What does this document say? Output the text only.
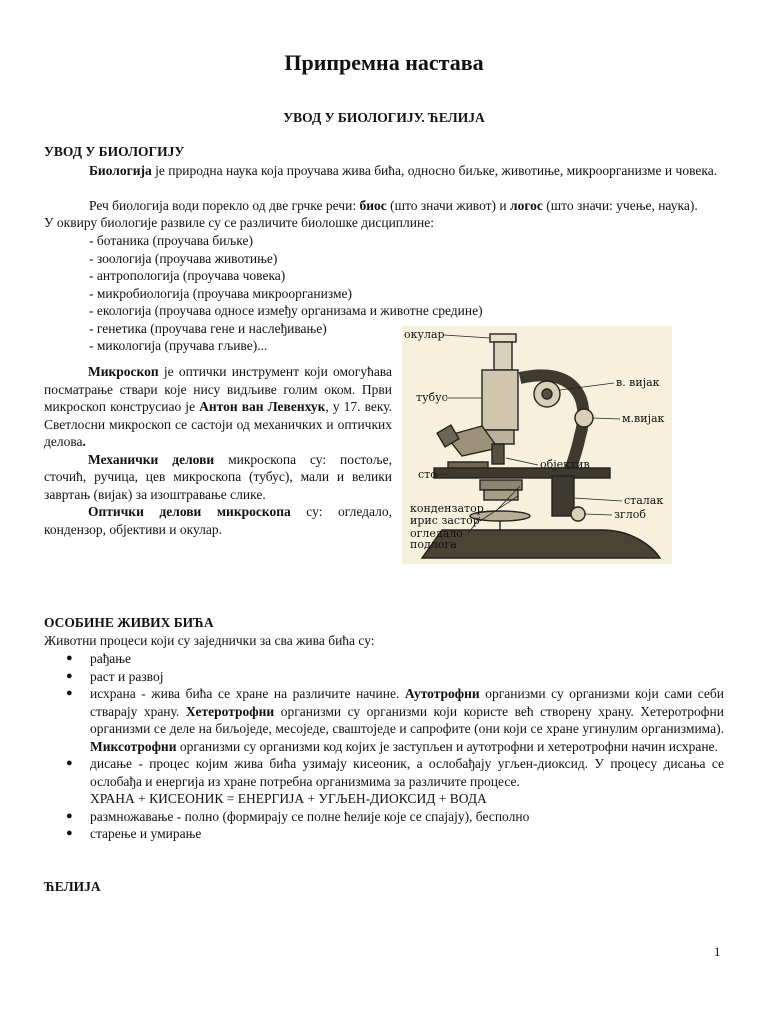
Припремна настава
УВОД У БИОЛОГИЈУ. ЋЕЛИЈА
УВОД У БИОЛОГИЈУ
Биологија је природна наука која проучава жива бића, односно биљке, животиње, микроорганизме и човека.
Реч биологија води порекло од две грчке речи: биос (што значи живот) и логос (што значи: учење, наука).
У оквиру биологије развиле су се различите биолошке дисциплине:
- ботаника (проучава биљке)
- зоологија (проучава животиње)
- антропологија (проучава човека)
- микробиологија (проучава микроорганизме)
- екологија (проучава односе између организама и животне средине)
- генетика (проучава гене и наслеђивање)
- микологија (пручава гљиве)...

Микроскоп је оптички инструмент који омогућава посматрање ствари које нису видљиве голим оком. Први микроскоп конструсиао је Антон ван Левенхук, у 17. веку. Светлосни микроскоп се састоји од механичких и оптичких делова.

Механички делови микроскопа су: постоље, сточић, ручица, цев микроскопа (тубус), мали и велики завртањ (вијак) за изоштравање слике.

Оптички делови микроскопа су: огледало, кондензор, објективи и окулар.

окулар
тубус
в. вијак
м.вијак
објектив
сто
сталак
кондензатор
ирис застор	зглоб
огледало
подлога
ОСОБИНЕ ЖИВИХ БИЋА
Животни процеси који су заједнички за сва жива бића су:
● рађање
● раст и развој
● исхрана - жива бића се хране на различите начине. Аутотрофни организми су организми који сами себи стварају храну. Хетеротрофни организми су организми који користе већ створену храну. Хетеротрофни организми се деле на биљоједе, месоједе, сваштоједе и сапрофите (они који се хране угинулим организмима). Миксотрофни организми су организми код којих је заступљен и аутотрофни и хетеротрофни начин исхране.
● дисање - процес којим жива бића узимају кисеоник, а ослобађају угљен-диоксид. У процесу дисања се ослобађа и енергија из хране потребна организмима за различите процесе.
ХРАНА + КИСЕОНИК = ЕНЕРГИЈА + УГЉЕН-ДИОКСИД + ВОДА
● размножавање - полно (формирају се полне ћелије које се спајају), бесполно
● старење и умирање
ЋЕЛИЈА
1
